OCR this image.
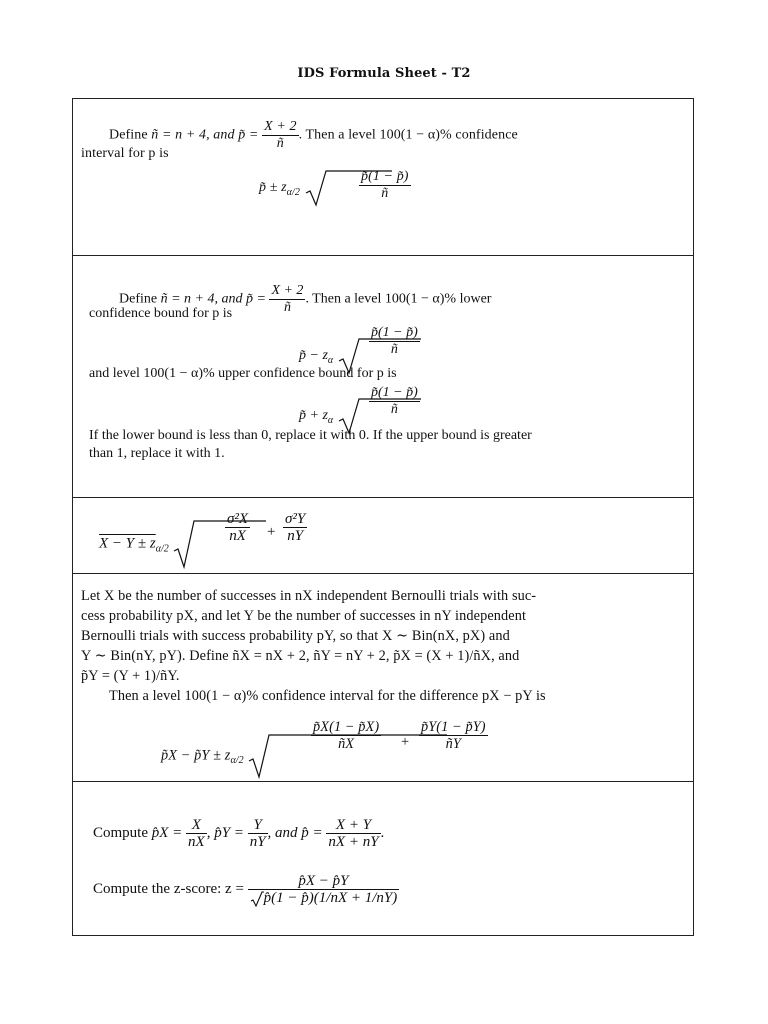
IDS Formula Sheet - T2
Define ñ = n + 4, and p̃ = $\frac{X + 2}{ñ}$ . Then a level 100(1 − α)% confidence
interval for p is
p̃ ± $z_{\alpha/2}$	$\frac{p̃(1 - p̃)}{ñ}$
Define ñ = n + 4, and p̃ = $\frac{X + 2}{ñ}$ . Then a level 100(1 − α)% lower
confidence bound for p is
p̃ − $z_\alpha$
$\frac{p̃(1 - p̃)}{ñ}$
and level 100(1 − α)% upper confidence bound for p is
p̃ + $z_\alpha$
$\frac{p̃(1 - p̃)}{ñ}$
If the lower bound is less than 0, replace it with 0. If the upper bound is greater
than 1, replace it with 1.
$X - Y \pm z_{\alpha/2}$
$\frac{\text{σ²X}}{nX} + \frac{\text{σ²Y}}{nY}$
Let X be the number of successes in nX independent Bernoulli trials with suc-
cess probability pX, and let Y be the number of successes in nY independent
Bernoulli trials with success probability pY, so that X ∼ Bin(nX, pX) and
Y ∼ Bin(nY, pY). Define ñX = nX + 2, ñY = nY + 2, p̃X = (X + 1)/ñX, and
p̃Y = (Y + 1)/ñY.
Then a level 100(1 − α)% confidence interval for the difference pX − pY is
p̃X − p̃Y ± $z_{\alpha/2}$
$\frac{p̃X(1 - p̃X)}{ñX} + \frac{p̃Y(1 - p̃Y)}{ñY}$
Compute p̂X = $\frac{X}{nX}$ , p̂Y = $\frac{Y}{nY}$ , and p̂ = $\frac{X + Y}{nX + nY}$ .
Compute the z-score: $z = \frac{p̂X - p̂Y}{p̂(1 - p̂)(1/nX + 1/nY)}$
